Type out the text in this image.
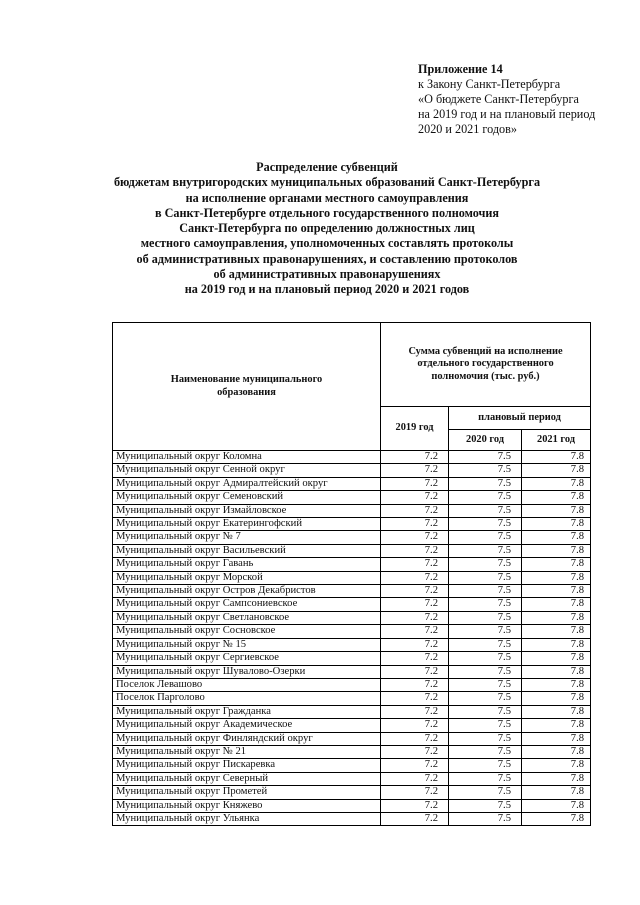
Приложение 14
к Закону Санкт-Петербурга
«О бюджете Санкт-Петербурга
на 2019 год и на плановый период
2020 и 2021 годов»
Распределение субвенций
бюджетам внутригородских муниципальных образований Санкт-Петербурга
на исполнение органами местного самоуправления
в Санкт-Петербурге отдельного государственного полномочия
Санкт-Петербурга по определению должностных лиц
местного самоуправления, уполномоченных составлять протоколы
об административных правонарушениях, и составлению протоколов
об административных правонарушениях
на 2019 год и на плановый период 2020 и 2021 годов
Наименование муниципального образования	Сумма субвенций на исполнение отдельного государственного полномочия (тыс. руб.)		
	2019 год	плановый период	
		2020 год	2021 год
Муниципальный округ Коломна	7.2	7.5	7.8
Муниципальный округ Сенной округ	7.2	7.5	7.8
Муниципальный округ Адмиралтейский округ	7.2	7.5	7.8
Муниципальный округ Семеновский	7.2	7.5	7.8
Муниципальный округ Измайловское	7.2	7.5	7.8
Муниципальный округ Екатерингофский	7.2	7.5	7.8
Муниципальный округ № 7	7.2	7.5	7.8
Муниципальный округ Васильевский	7.2	7.5	7.8
Муниципальный округ Гавань	7.2	7.5	7.8
Муниципальный округ Морской	7.2	7.5	7.8
Муниципальный округ Остров Декабристов	7.2	7.5	7.8
Муниципальный округ Сампсониевское	7.2	7.5	7.8
Муниципальный округ Светлановское	7.2	7.5	7.8
Муниципальный округ Сосновское	7.2	7.5	7.8
Муниципальный округ № 15	7.2	7.5	7.8
Муниципальный округ Сергиевское	7.2	7.5	7.8
Муниципальный округ Шувалово-Озерки	7.2	7.5	7.8
Поселок Левашово	7.2	7.5	7.8
Поселок Парголово	7.2	7.5	7.8
Муниципальный округ Гражданка	7.2	7.5	7.8
Муниципальный округ Академическое	7.2	7.5	7.8
Муниципальный округ Финляндский округ	7.2	7.5	7.8
Муниципальный округ № 21	7.2	7.5	7.8
Муниципальный округ Пискаревка	7.2	7.5	7.8
Муниципальный округ Северный	7.2	7.5	7.8
Муниципальный округ Прометей	7.2	7.5	7.8
Муниципальный округ Княжево	7.2	7.5	7.8
Муниципальный округ Ульянка	7.2	7.5	7.8
